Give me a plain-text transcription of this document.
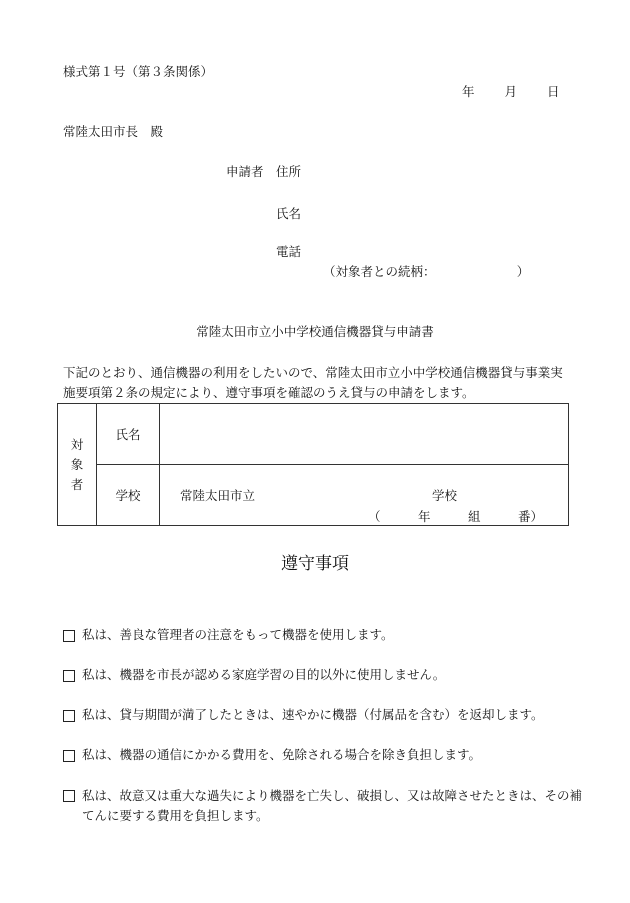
様式第１号（第３条関係）
年 月 日
常陸太田市長　殿
申請者 住所
氏名
電話
（対象者との続柄：　　　　　　　）
常陸太田市立小中学校通信機器貸与申請書
下記のとおり、通信機器の利用をしたいので、常陸太田市立小中学校通信機器貸与事業実施要項第２条の規定により、遵守事項を確認のうえ貸与の申請をします。
対象者	氏名	
	学校	常陸太田市立 学校
（　　　年　　　組　　　番）
遵守事項
私は、善良な管理者の注意をもって機器を使用します。
私は、機器を市長が認める家庭学習の目的以外に使用しません。
私は、貸与期間が満了したときは、速やかに機器（付属品を含む）を返却します。
私は、機器の通信にかかる費用を、免除される場合を除き負担します。
私は、故意又は重大な過失により機器を亡失し、破損し、又は故障させたときは、その補てんに要する費用を負担します。
